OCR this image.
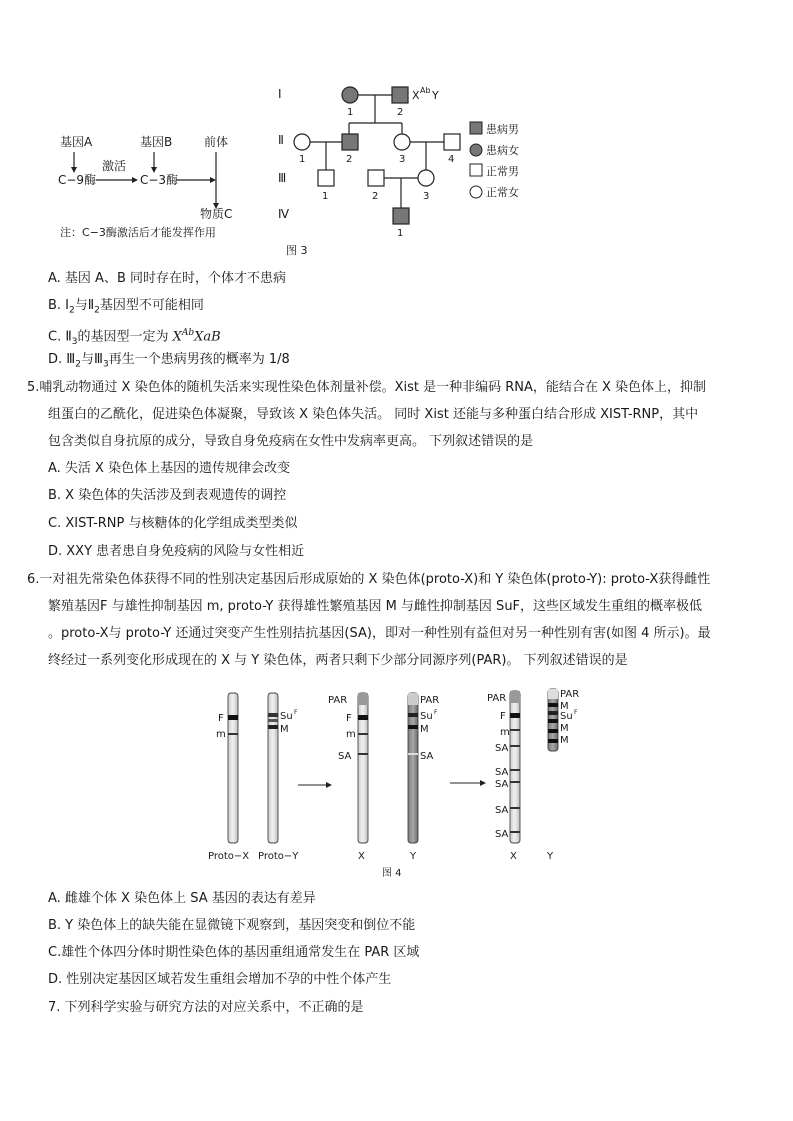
基因A	基因B	前体
激活
C−9酶	C−3酶
物质C
注：C−3酶激活后才能发挥作用
Ⅰ
Ⅱ
Ⅲ
Ⅳ
X Ab Y
1	2
1	2	3	4
1	2	3
1
患病男
患病女
正常男
正常女
图 3
A. 基因 A、B 同时存在时，个体才不患病
B. $I_2$与$Ⅱ_2$基因型不可能相同
C. $Ⅱ_3$的基因型一定为 $X^{Ab}XaB$
D. $Ⅲ_2$与$Ⅲ_3$再生一个患病男孩的概率为 1/8
5.哺乳动物通过 X 染色体的随机失活来实现性染色体剂量补偿。Xist 是一种非编码 RNA，能结合在 X 染色体上，抑制
组蛋白的乙酰化，促进染色体凝聚，导致该 X 染色体失活。 同时 Xist 还能与多种蛋白结合形成 XIST-RNP，其中
包含类似自身抗原的成分，导致自身免疫病在女性中发病率更高。 下列叙述错误的是
A. 失活 X 染色体上基因的遗传规律会改变
B. X 染色体的失活涉及到表观遗传的调控
C. XIST-RNP 与核糖体的化学组成类型类似
D. XXY 患者患自身免疫病的风险与女性相近
6.一对祖先常染色体获得不同的性别决定基因后形成原始的 X 染色体(proto-X)和 Y 染色体(proto-Y): proto-X获得雌性
繁殖基因F 与雄性抑制基因 m, proto-Y 获得雄性繁殖基因 M 与雌性抑制基因 SuF，这些区域发生重组的概率极低
。proto-X与 proto-Y 还通过突变产生性别拮抗基因(SA)，即对一种性别有益但对另一种性别有害(如图 4 所示)。最
终经过一系列变化形成现在的 X 与 Y 染色体，两者只剩下少部分同源序列(PAR)。 下列叙述错误的是
F
m
Proto−X
Su F
M
Proto−Y
PAR
F
m
SA
X
PAR
Su F
M
SA
Y
PAR
F
m
SA
SA
SA
SA
SA
X
PAR
M
Su F
M
M
Y
图 4
A. 雌雄个体 X 染色体上 SA 基因的表达有差异
B. Y 染色体上的缺失能在显微镜下观察到，基因突变和倒位不能
C.雄性个体四分体时期性染色体的基因重组通常发生在 PAR 区域
D. 性别决定基因区域若发生重组会增加不孕的中性个体产生
7. 下列科学实验与研究方法的对应关系中，不正确的是
